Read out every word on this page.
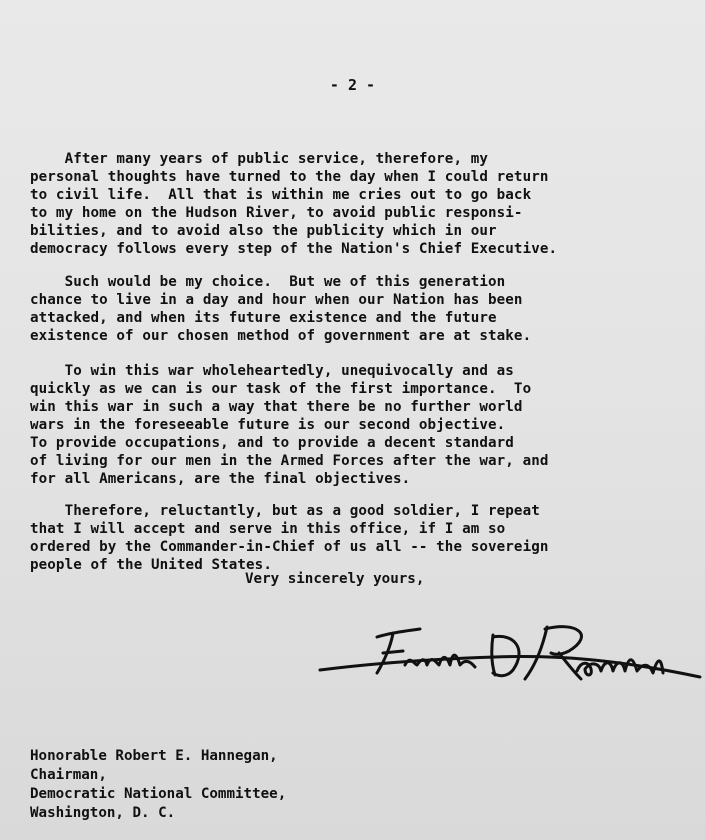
- 2 -

After many years of public service, therefore, my
personal thoughts have turned to the day when I could return
to civil life.  All that is within me cries out to go back
to my home on the Hudson River, to avoid public responsi-
bilities, and to avoid also the publicity which in our
democracy follows every step of the Nation's Chief Executive.

Such would be my choice.  But we of this generation
chance to live in a day and hour when our Nation has been
attacked, and when its future existence and the future
existence of our chosen method of government are at stake.

To win this war wholeheartedly, unequivocally and as
quickly as we can is our task of the first importance.  To
win this war in such a way that there be no further world
wars in the foreseeable future is our second objective.
To provide occupations, and to provide a decent standard
of living for our men in the Armed Forces after the war, and
for all Americans, are the final objectives.

Therefore, reluctantly, but as a good soldier, I repeat
that I will accept and serve in this office, if I am so
ordered by the Commander-in-Chief of us all -- the sovereign
people of the United States.

Very sincerely yours,

Honorable Robert E. Hannegan,
Chairman,
Democratic National Committee,
Washington, D. C.
